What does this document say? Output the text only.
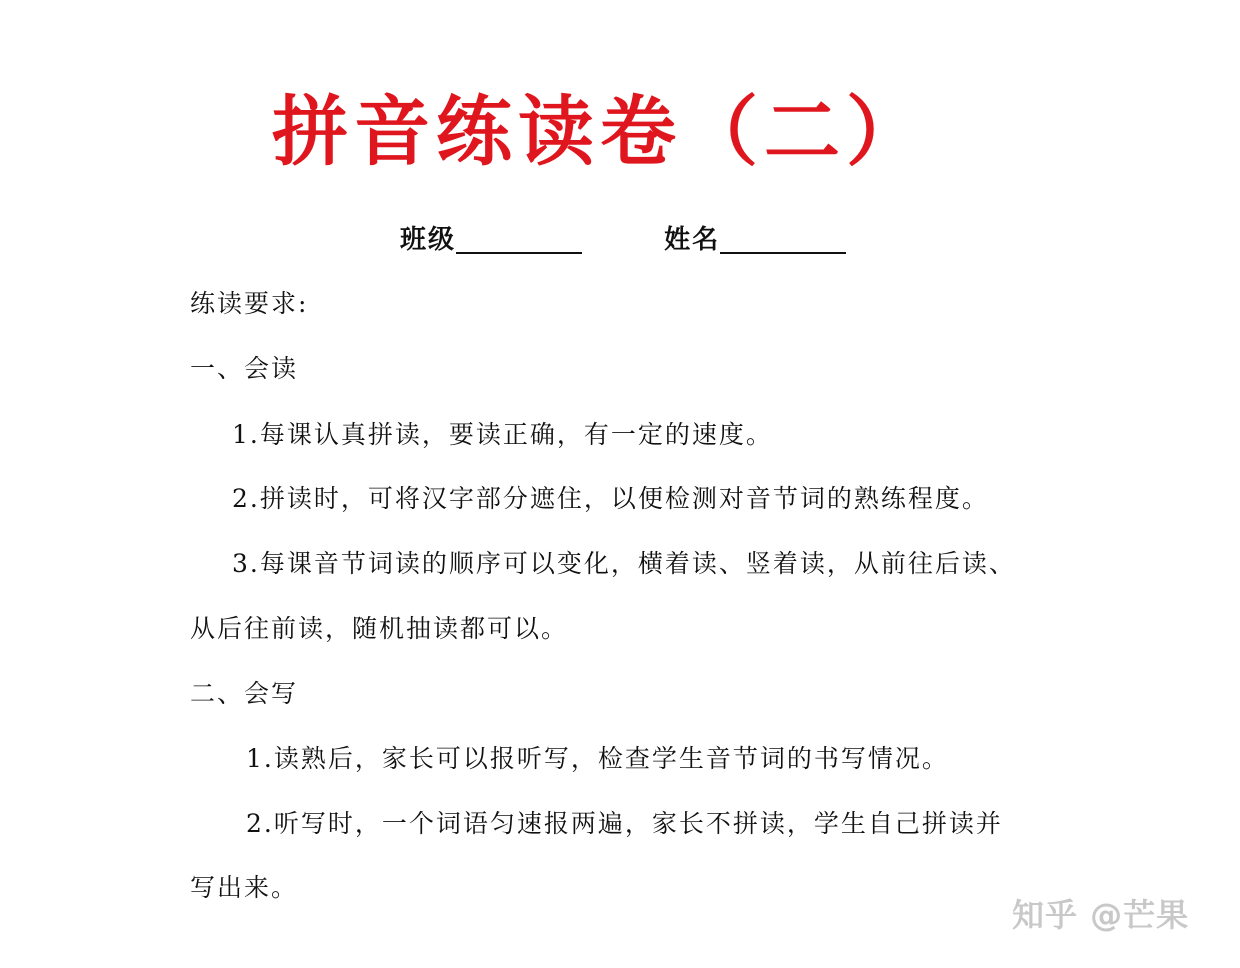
拼音练读卷（二）
班级	姓名
练读要求:
一、会读
1.每课认真拼读，要读正确，有一定的速度。
2.拼读时，可将汉字部分遮住，以便检测对音节词的熟练程度。
3.每课音节词读的顺序可以变化，横着读、竖着读，从前往后读、
从后往前读，随机抽读都可以。
二、会写
1.读熟后，家长可以报听写，检查学生音节词的书写情况。
2.听写时，一个词语匀速报两遍，家长不拼读，学生自己拼读并
写出来。
知乎 @芒果
